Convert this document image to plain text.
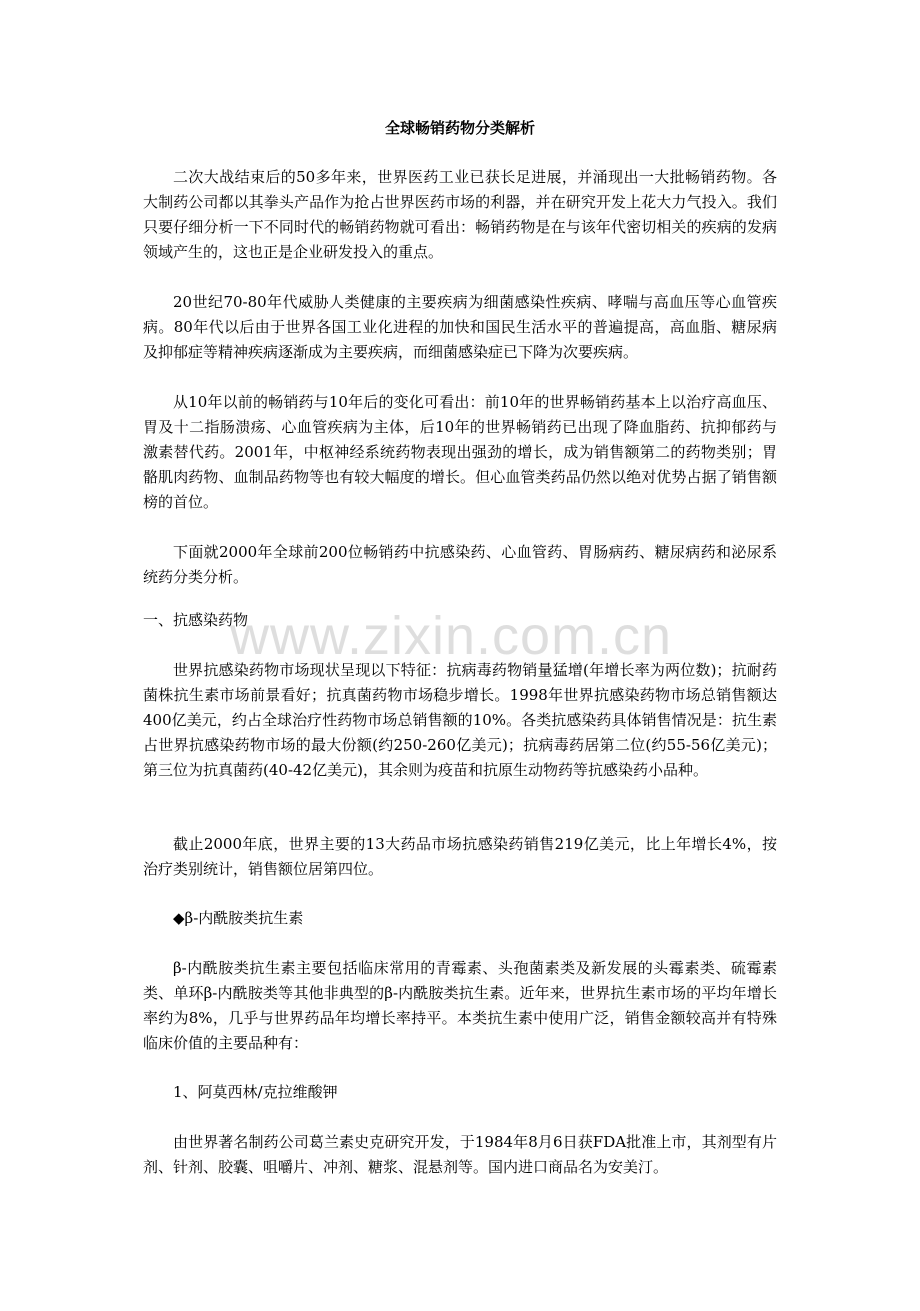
全球畅销药物分类解析

二次大战结束后的50多年来，世界医药工业已获长足进展，并涌现出一大批畅销药物。各大制药公司都以其拳头产品作为抢占世界医药市场的利器，并在研究开发上花大力气投入。我们只要仔细分析一下不同时代的畅销药物就可看出：畅销药物是在与该年代密切相关的疾病的发病领域产生的，这也正是企业研发投入的重点。

20世纪70-80年代威胁人类健康的主要疾病为细菌感染性疾病、哮喘与高血压等心血管疾病。80年代以后由于世界各国工业化进程的加快和国民生活水平的普遍提高，高血脂、糖尿病及抑郁症等精神疾病逐渐成为主要疾病，而细菌感染症已下降为次要疾病。

从10年以前的畅销药与10年后的变化可看出：前10年的世界畅销药基本上以治疗高血压、胃及十二指肠溃疡、心血管疾病为主体，后10年的世界畅销药已出现了降血脂药、抗抑郁药与激素替代药。2001年，中枢神经系统药物表现出强劲的增长，成为销售额第二的药物类别；胃骼肌肉药物、血制品药物等也有较大幅度的增长。但心血管类药品仍然以绝对优势占据了销售额榜的首位。

下面就2000年全球前200位畅销药中抗感染药、心血管药、胃肠病药、糖尿病药和泌尿系统药分类分析。

一、抗感染药物

世界抗感染药物市场现状呈现以下特征：抗病毒药物销量猛增(年增长率为两位数)；抗耐药菌株抗生素市场前景看好；抗真菌药物市场稳步增长。1998年世界抗感染药物市场总销售额达400亿美元，约占全球治疗性药物市场总销售额的10%。各类抗感染药具体销售情况是：抗生素占世界抗感染药物市场的最大份额(约250-260亿美元)；抗病毒药居第二位(约55-56亿美元)；第三位为抗真菌药(40-42亿美元)，其余则为疫苗和抗原生动物药等抗感染药小品种。

截止2000年底，世界主要的13大药品市场抗感染药销售219亿美元，比上年增长4%，按治疗类别统计，销售额位居第四位。

◆β-内酰胺类抗生素

β-内酰胺类抗生素主要包括临床常用的青霉素、头孢菌素类及新发展的头霉素类、硫霉素类、单环β-内酰胺类等其他非典型的β-内酰胺类抗生素。近年来，世界抗生素市场的平均年增长率约为8%，几乎与世界药品年均增长率持平。本类抗生素中使用广泛，销售金额较高并有特殊临床价值的主要品种有：

1、阿莫西林/克拉维酸钾

由世界著名制药公司葛兰素史克研究开发，于1984年8月6日获FDA批准上市，其剂型有片剂、针剂、胶囊、咀嚼片、冲剂、糖浆、混悬剂等。国内进口商品名为安美汀。

www.zixin.com.cn
